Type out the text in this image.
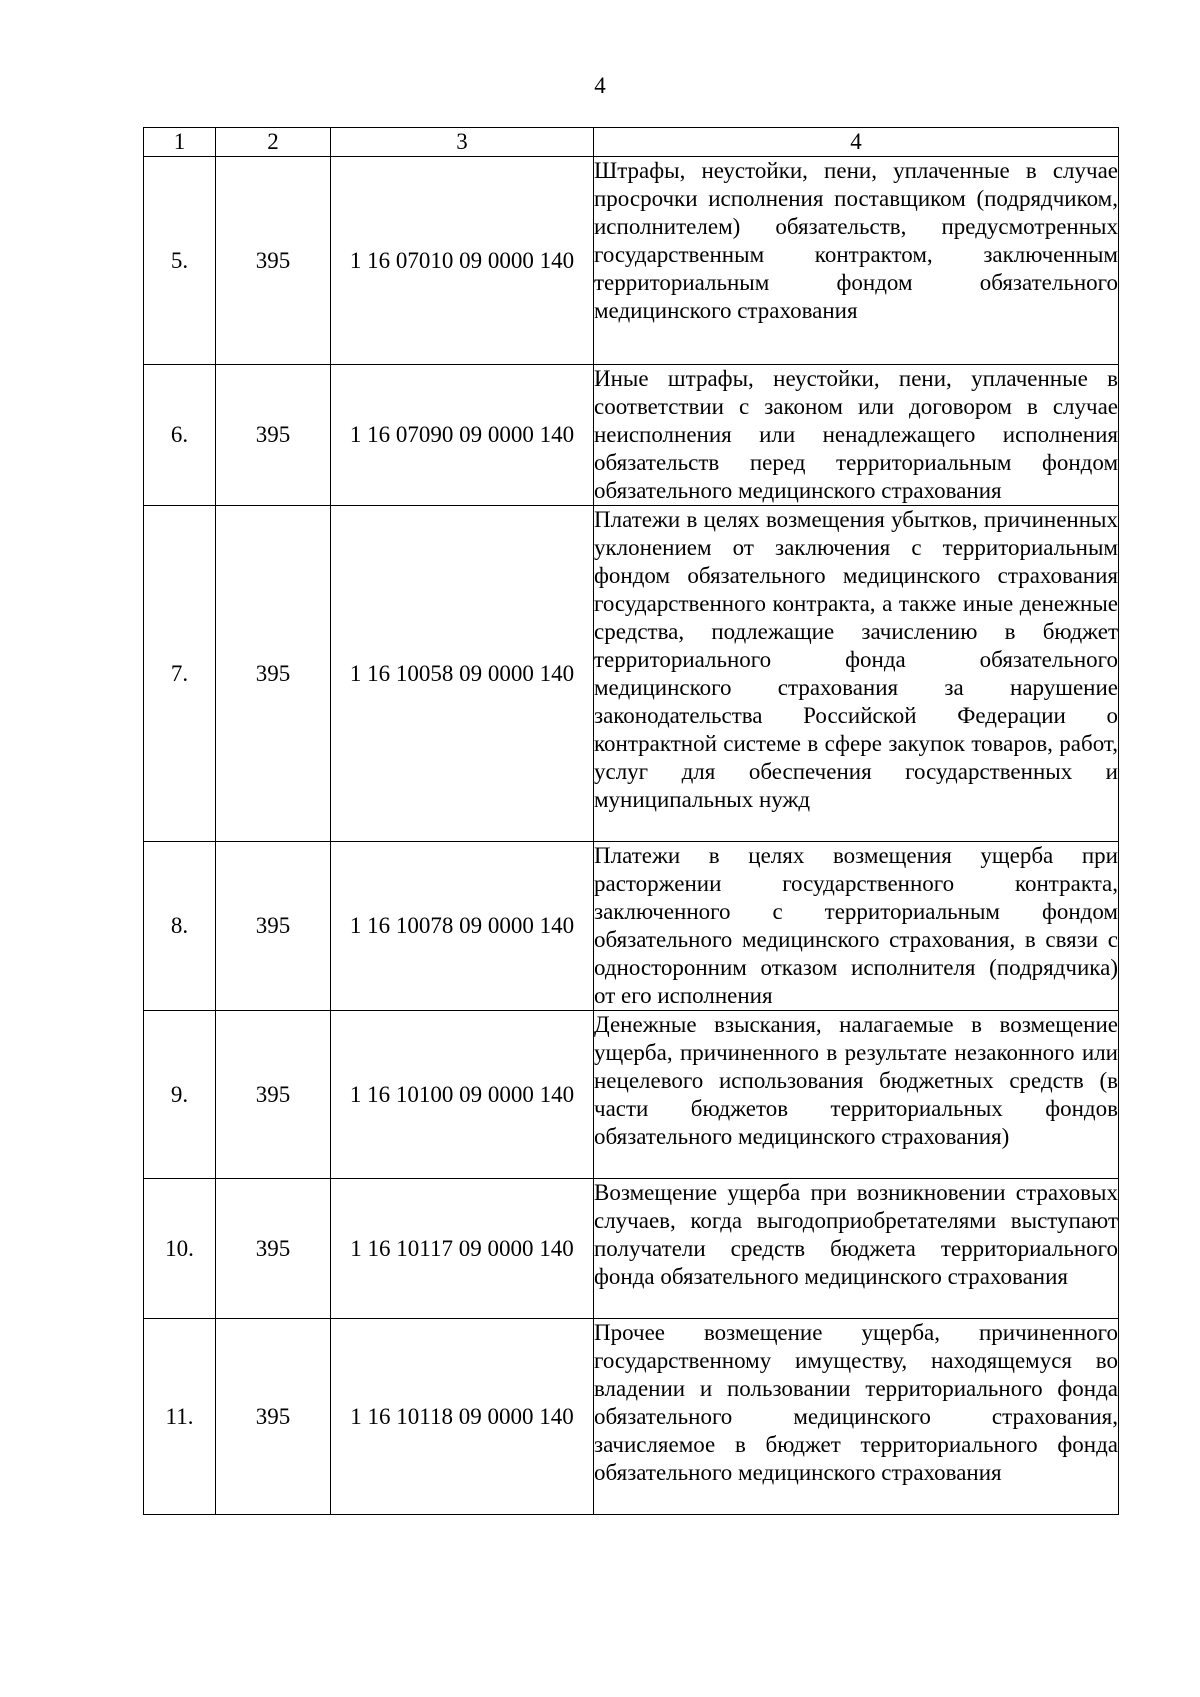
4
1	2	3	4
5.	395	1 16 07010 09 0000 140	Штрафы, неустойки, пени, уплаченные в случае просрочки исполнения поставщиком (подрядчиком, исполнителем) обязательств, предусмотренных государственным контрактом, заключенным территориальным фондом обязательного медицинского страхования
6.	395	1 16 07090 09 0000 140	Иные штрафы, неустойки, пени, уплаченные в соответствии с законом или договором в случае неисполнения или ненадлежащего исполнения обязательств перед территориальным фондом обязательного медицинского страхования
7.	395	1 16 10058 09 0000 140	Платежи в целях возмещения убытков, причиненных уклонением от заключения с территориальным фондом обязательного медицинского страхования государственного контракта, а также иные денежные средства, подлежащие зачислению в бюджет территориального фонда обязательного медицинского страхования за нарушение законодательства Российской Федерации о контрактной системе в сфере закупок товаров, работ, услуг для обеспечения государственных и муниципальных нужд
8.	395	1 16 10078 09 0000 140	Платежи в целях возмещения ущерба при расторжении государственного контракта, заключенного с территориальным фондом обязательного медицинского страхования, в связи с односторонним отказом исполнителя (подрядчика) от его исполнения
9.	395	1 16 10100 09 0000 140	Денежные взыскания, налагаемые в возмещение ущерба, причиненного в результате незаконного или нецелевого использования бюджетных средств (в части бюджетов территориальных фондов обязательного медицинского страхования)
10.	395	1 16 10117 09 0000 140	Возмещение ущерба при возникновении страховых случаев, когда выгодоприобретателями выступают получатели средств бюджета территориального фонда обязательного медицинского страхования
11.	395	1 16 10118 09 0000 140	Прочее возмещение ущерба, причиненного государственному имуществу, находящемуся во владении и пользовании территориального фонда обязательного медицинского страхования, зачисляемое в бюджет территориального фонда обязательного медицинского страхования
